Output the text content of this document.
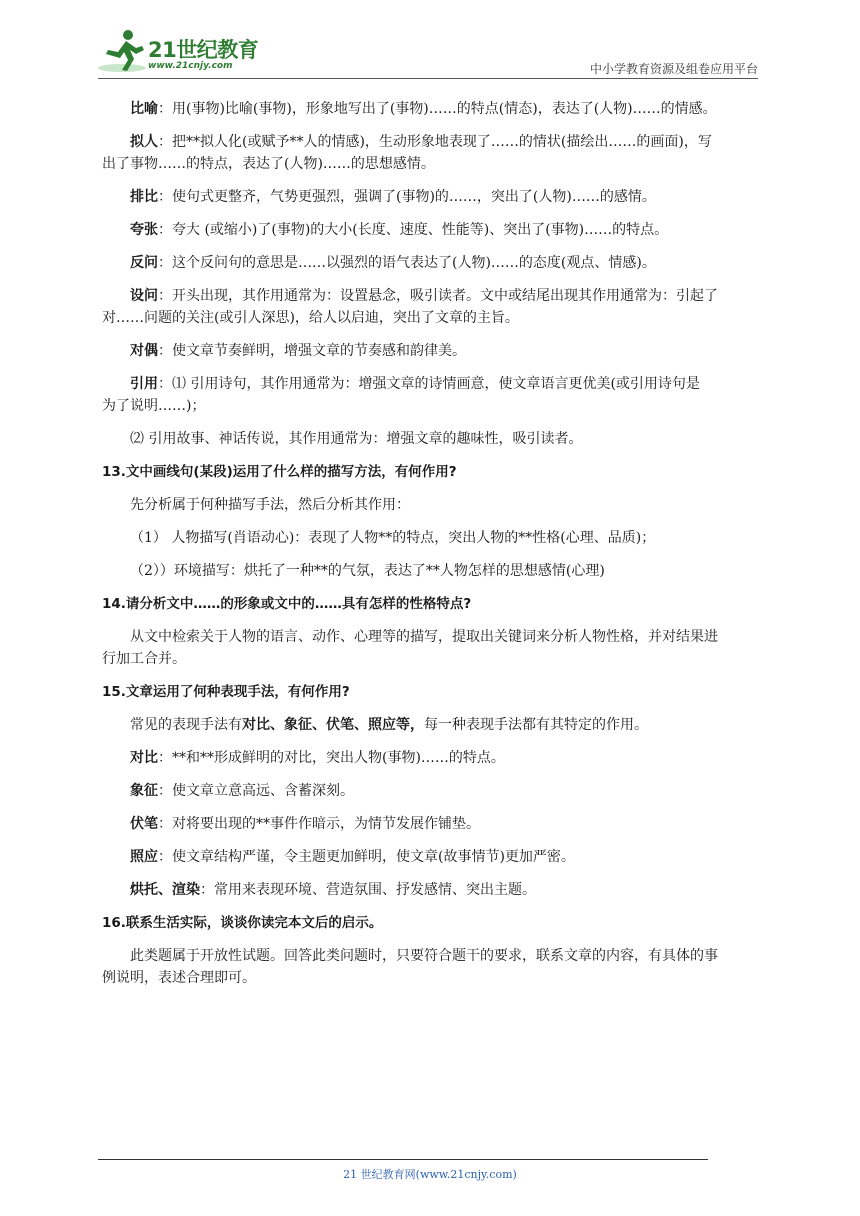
21世纪教育
www.21cnjy.com	中小学教育资源及组卷应用平台

比喻：用(事物)比喻(事物)，形象地写出了(事物)……的特点(情态)，表达了(人物)……的情感。

拟人：把**拟人化(或赋予**人的情感)，生动形象地表现了……的情状(描绘出……的画面)，写

出了事物……的特点，表达了(人物)……的思想感情。

排比：使句式更整齐，气势更强烈，强调了(事物)的……，突出了(人物)……的感情。

夸张：夸大 (或缩小)了(事物)的大小(长度、速度、性能等)、突出了(事物)……的特点。

反问：这个反问句的意思是……以强烈的语气表达了(人物)……的态度(观点、情感)。

设问：开头出现，其作用通常为：设置悬念，吸引读者。文中或结尾出现其作用通常为：引起了

对……问题的关注(或引人深思)，给人以启迪，突出了文章的主旨。

对偶：使文章节奏鲜明，增强文章的节奏感和韵律美。

引用：⑴ 引用诗句，其作用通常为：增强文章的诗情画意，使文章语言更优美(或引用诗句是

为了说明……)；

⑵ 引用故事、神话传说，其作用通常为：增强文章的趣味性，吸引读者。

13.文中画线句(某段)运用了什么样的描写方法，有何作用?

先分析属于何种描写手法，然后分析其作用：

（1） 人物描写(肖语动心)：表现了人物**的特点，突出人物的**性格(心理、品质)；

（2））环境描写：烘托了一种**的气氛，表达了**人物怎样的思想感情(心理)

14.请分析文中……的形象或文中的……具有怎样的性格特点?

从文中检索关于人物的语言、动作、心理等的描写，提取出关键词来分析人物性格，并对结果进

行加工合并。

15.文章运用了何种表现手法，有何作用?

常见的表现手法有对比、象征、伏笔、照应等，每一种表现手法都有其特定的作用。

对比：**和**形成鲜明的对比，突出人物(事物)……的特点。

象征：使文章立意高远、含蓄深刻。

伏笔：对将要出现的**事件作暗示，为情节发展作铺垫。

照应：使文章结构严谨，令主题更加鲜明，使文章(故事情节)更加严密。

烘托、渲染：常用来表现环境、营造氛围、抒发感情、突出主题。

16.联系生活实际，谈谈你读完本文后的启示。

此类题属于开放性试题。回答此类问题时，只要符合题干的要求，联系文章的内容，有具体的事

例说明，表述合理即可。

21 世纪教育网(www.21cnjy.com)
